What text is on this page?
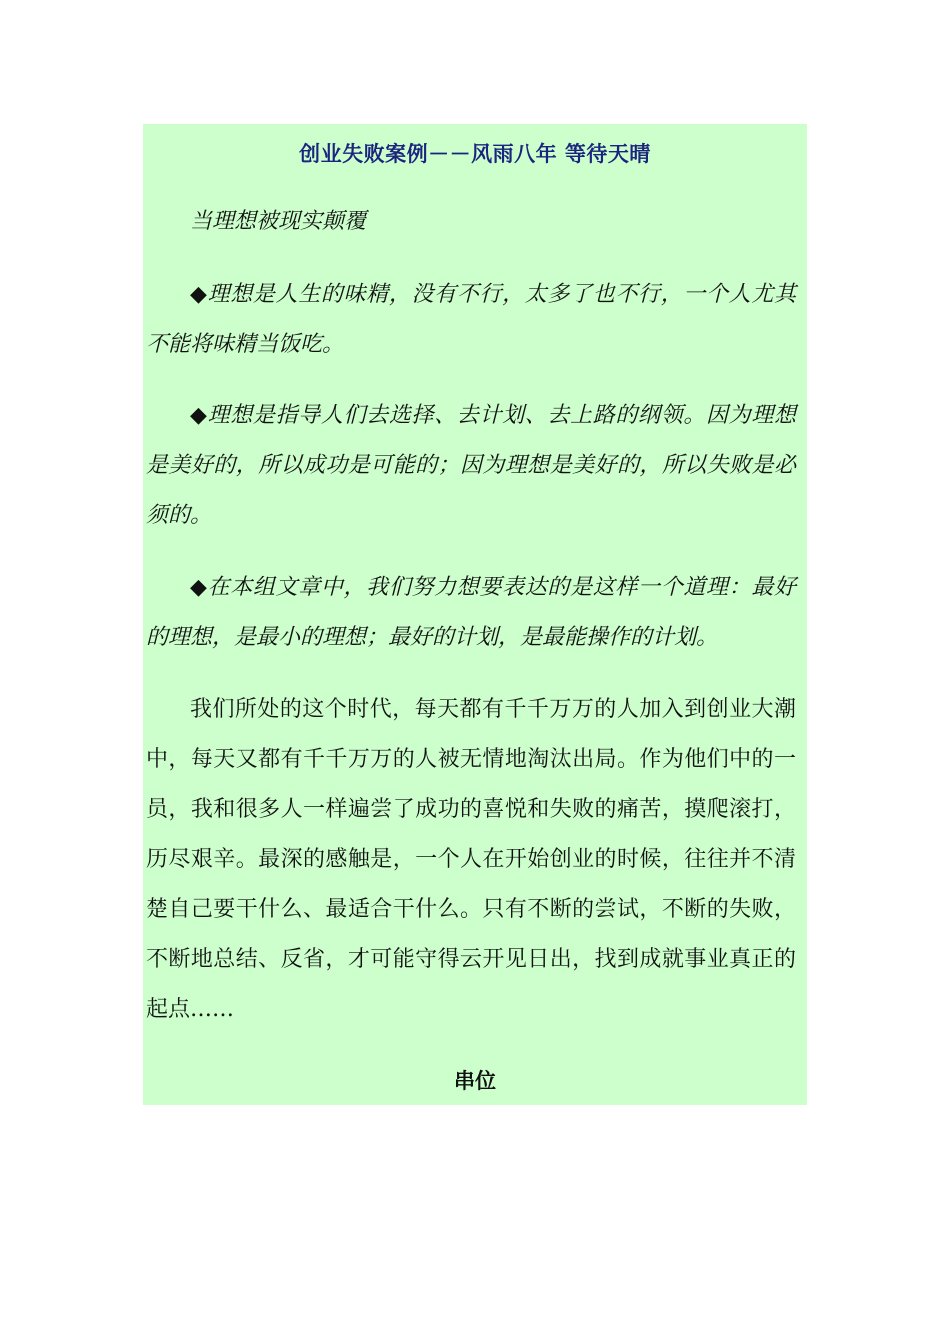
创业失败案例－－风雨八年 等待天晴

当理想被现实颠覆

◆理想是人生的味精，没有不行，太多了也不行，一个人尤其不能将味精当饭吃。

◆理想是指导人们去选择、去计划、去上路的纲领。因为理想是美好的，所以成功是可能的；因为理想是美好的，所以失败是必须的。

◆在本组文章中，我们努力想要表达的是这样一个道理：最好的理想，是最小的理想；最好的计划，是最能操作的计划。

我们所处的这个时代，每天都有千千万万的人加入到创业大潮中，每天又都有千千万万的人被无情地淘汰出局。作为他们中的一员，我和很多人一样遍尝了成功的喜悦和失败的痛苦，摸爬滚打，历尽艰辛。最深的感触是，一个人在开始创业的时候，往往并不清楚自己要干什么、最适合干什么。只有不断的尝试，不断的失败，不断地总结、反省，才可能守得云开见日出，找到成就事业真正的起点……

串位
